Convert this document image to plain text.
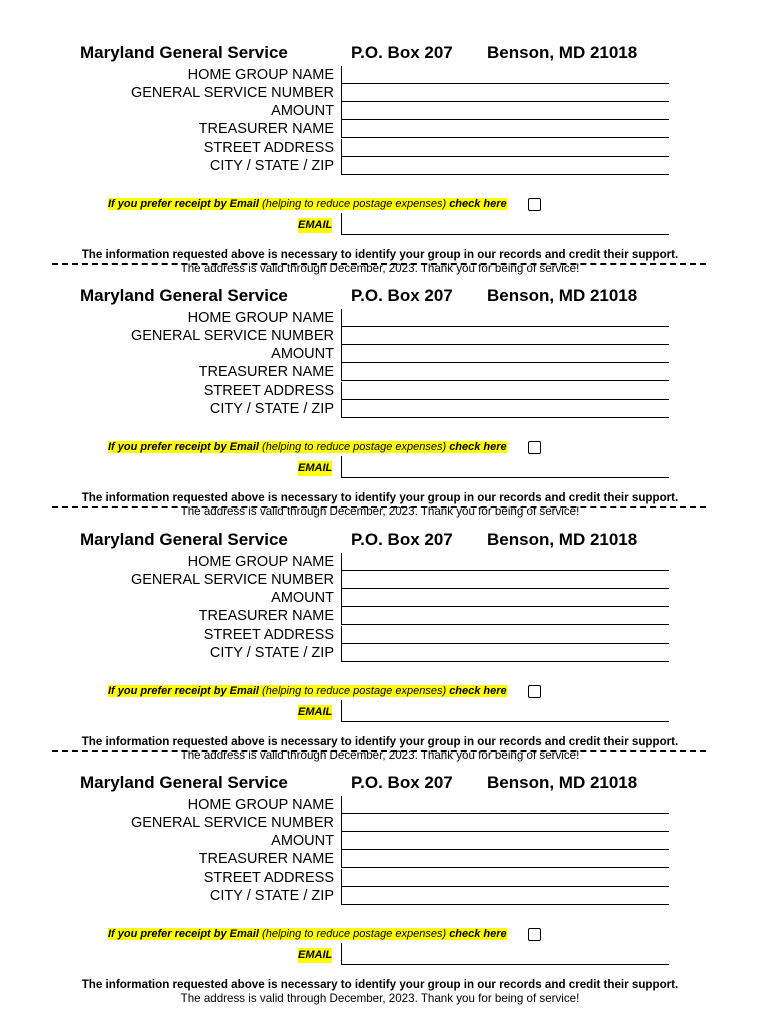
Maryland General Service	P.O. Box 207 Benson, MD 21018
HOME GROUP NAME
GENERAL SERVICE NUMBER
AMOUNT
TREASURER NAME
STREET ADDRESS
CITY / STATE / ZIP
If you prefer receipt by Email (helping to reduce postage expenses) check here
EMAIL
The information requested above is necessary to identify your group in our records and credit their support.
The address is valid through December, 2023. Thank you for being of service!
Maryland General Service	P.O. Box 207 Benson, MD 21018
HOME GROUP NAME
GENERAL SERVICE NUMBER
AMOUNT
TREASURER NAME
STREET ADDRESS
CITY / STATE / ZIP
If you prefer receipt by Email (helping to reduce postage expenses) check here
EMAIL
The information requested above is necessary to identify your group in our records and credit their support.
The address is valid through December, 2023. Thank you for being of service!
Maryland General Service	P.O. Box 207 Benson, MD 21018
HOME GROUP NAME
GENERAL SERVICE NUMBER
AMOUNT
TREASURER NAME
STREET ADDRESS
CITY / STATE / ZIP
If you prefer receipt by Email (helping to reduce postage expenses) check here
EMAIL
The information requested above is necessary to identify your group in our records and credit their support.
The address is valid through December, 2023. Thank you for being of service!
Maryland General Service	P.O. Box 207 Benson, MD 21018
HOME GROUP NAME
GENERAL SERVICE NUMBER
AMOUNT
TREASURER NAME
STREET ADDRESS
CITY / STATE / ZIP
If you prefer receipt by Email (helping to reduce postage expenses) check here
EMAIL
The information requested above is necessary to identify your group in our records and credit their support.
The address is valid through December, 2023. Thank you for being of service!
